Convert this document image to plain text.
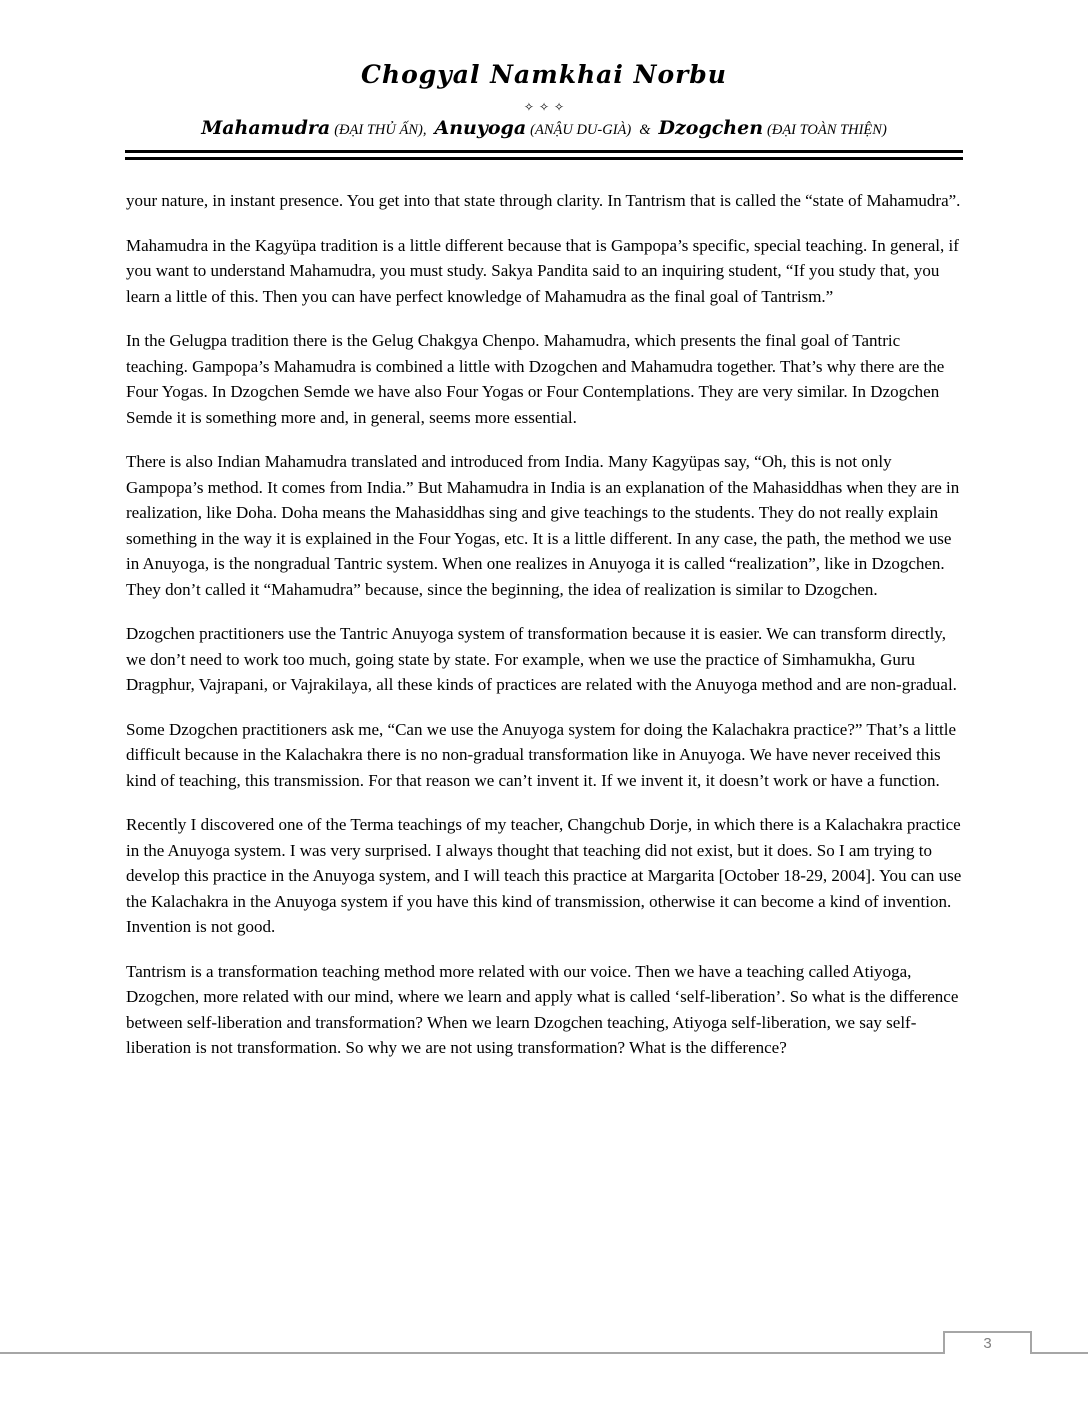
Chogyal Namkhai Norbu
✧✧✧
Mahamudra (ĐẠI THỦ ẤN), Anuyoga (ANẬU DU-GIÀ) & Dzogchen (ĐẠI TOÀN THIỆN)

your nature, in instant presence. You get into that state through clarity. In Tantrism that is called the “state of Mahamudra”.

Mahamudra in the Kagyüpa tradition is a little different because that is Gampopa’s specific, special teaching. In general, if you want to understand Mahamudra, you must study. Sakya Pandita said to an inquiring student, “If you study that, you learn a little of this. Then you can have perfect knowledge of Mahamudra as the final goal of Tantrism.”

In the Gelugpa tradition there is the Gelug Chakgya Chenpo. Mahamudra, which presents the final goal of Tantric teaching. Gampopa’s Mahamudra is combined a little with Dzogchen and Mahamudra together. That’s why there are the Four Yogas. In Dzogchen Semde we have also Four Yogas or Four Contemplations. They are very similar. In Dzogchen Semde it is something more and, in general, seems more essential.

There is also Indian Mahamudra translated and introduced from India. Many Kagyüpas say, “Oh, this is not only Gampopa’s method. It comes from India.” But Mahamudra in India is an explanation of the Mahasiddhas when they are in realization, like Doha. Doha means the Mahasiddhas sing and give teachings to the students. They do not really explain something in the way it is explained in the Four Yogas, etc. It is a little different. In any case, the path, the method we use in Anuyoga, is the nongradual Tantric system. When one realizes in Anuyoga it is called “realization”, like in Dzogchen. They don’t called it “Mahamudra” because, since the beginning, the idea of realization is similar to Dzogchen.

Dzogchen practitioners use the Tantric Anuyoga system of transformation because it is easier. We can transform directly, we don’t need to work too much, going state by state. For example, when we use the practice of Simhamukha, Guru Dragphur, Vajrapani, or Vajrakilaya, all these kinds of practices are related with the Anuyoga method and are non-gradual.

Some Dzogchen practitioners ask me, “Can we use the Anuyoga system for doing the Kalachakra practice?” That’s a little difficult because in the Kalachakra there is no non-gradual transformation like in Anuyoga. We have never received this kind of teaching, this transmission. For that reason we can’t invent it. If we invent it, it doesn’t work or have a function.

Recently I discovered one of the Terma teachings of my teacher, Changchub Dorje, in which there is a Kalachakra practice in the Anuyoga system. I was very surprised. I always thought that teaching did not exist, but it does. So I am trying to develop this practice in the Anuyoga system, and I will teach this practice at Margarita [October 18-29, 2004]. You can use the Kalachakra in the Anuyoga system if you have this kind of transmission, otherwise it can become a kind of invention. Invention is not good.

Tantrism is a transformation teaching method more related with our voice. Then we have a teaching called Atiyoga, Dzogchen, more related with our mind, where we learn and apply what is called ‘self-liberation’. So what is the difference between self-liberation and transformation? When we learn Dzogchen teaching, Atiyoga self-liberation, we say self-liberation is not transformation. So why we are not using transformation? What is the difference?

3
